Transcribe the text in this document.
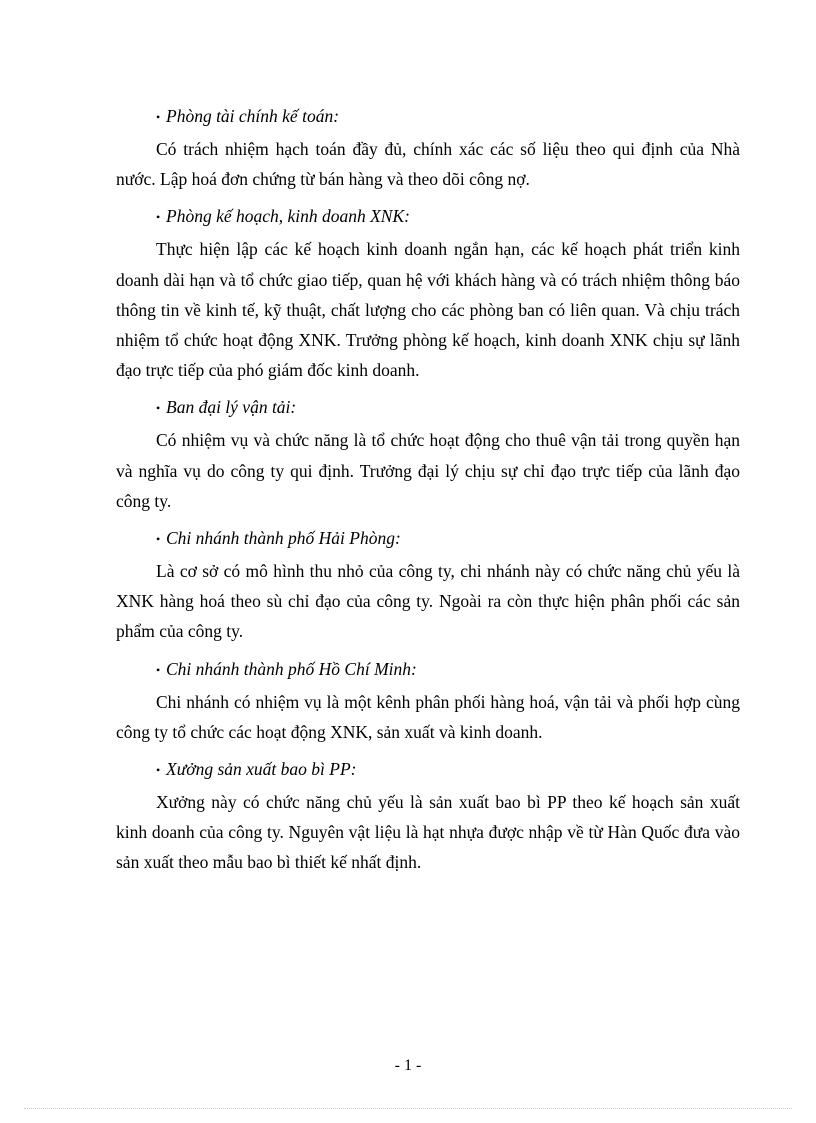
• Phòng tài chính kế toán:

Có trách nhiệm hạch toán đầy đủ, chính xác các số liệu theo qui định của Nhà nước. Lập hoá đơn chứng từ bán hàng và theo dõi công nợ.

• Phòng kế hoạch, kinh doanh XNK:

Thực hiện lập các kế hoạch kinh doanh ngắn hạn, các kế hoạch phát triển kinh doanh dài hạn và tổ chức giao tiếp, quan hệ với khách hàng và có trách nhiệm thông báo thông tin về kinh tế, kỹ thuật, chất lượng cho các phòng ban có liên quan. Và chịu trách nhiệm tổ chức hoạt động XNK. Trưởng phòng kế hoạch, kinh doanh XNK chịu sự lãnh đạo trực tiếp của phó giám đốc kinh doanh.

• Ban đại lý vận tải:

Có nhiệm vụ và chức năng là tổ chức hoạt động cho thuê vận tải trong quyền hạn và nghĩa vụ do công ty qui định. Trưởng đại lý chịu sự chỉ đạo trực tiếp của lãnh đạo công ty.

• Chi nhánh thành phố Hải Phòng:

Là cơ sở có mô hình thu nhỏ của công ty, chi nhánh này có chức năng chủ yếu là XNK hàng hoá theo sù chỉ đạo của công ty. Ngoài ra còn thực hiện phân phối các sản phẩm của công ty.

• Chi nhánh thành phố Hồ Chí Minh:

Chi nhánh có nhiệm vụ là một kênh phân phối hàng hoá, vận tải và phối hợp cùng công ty tổ chức các hoạt động XNK, sản xuất và kinh doanh.

• Xưởng sản xuất bao bì PP:

Xưởng này có chức năng chủ yếu là sản xuất bao bì PP theo kế hoạch sản xuất kinh doanh của công ty. Nguyên vật liệu là hạt nhựa được nhập về từ Hàn Quốc đưa vào sản xuất theo mẫu bao bì thiết kế nhất định.

- 1 -
